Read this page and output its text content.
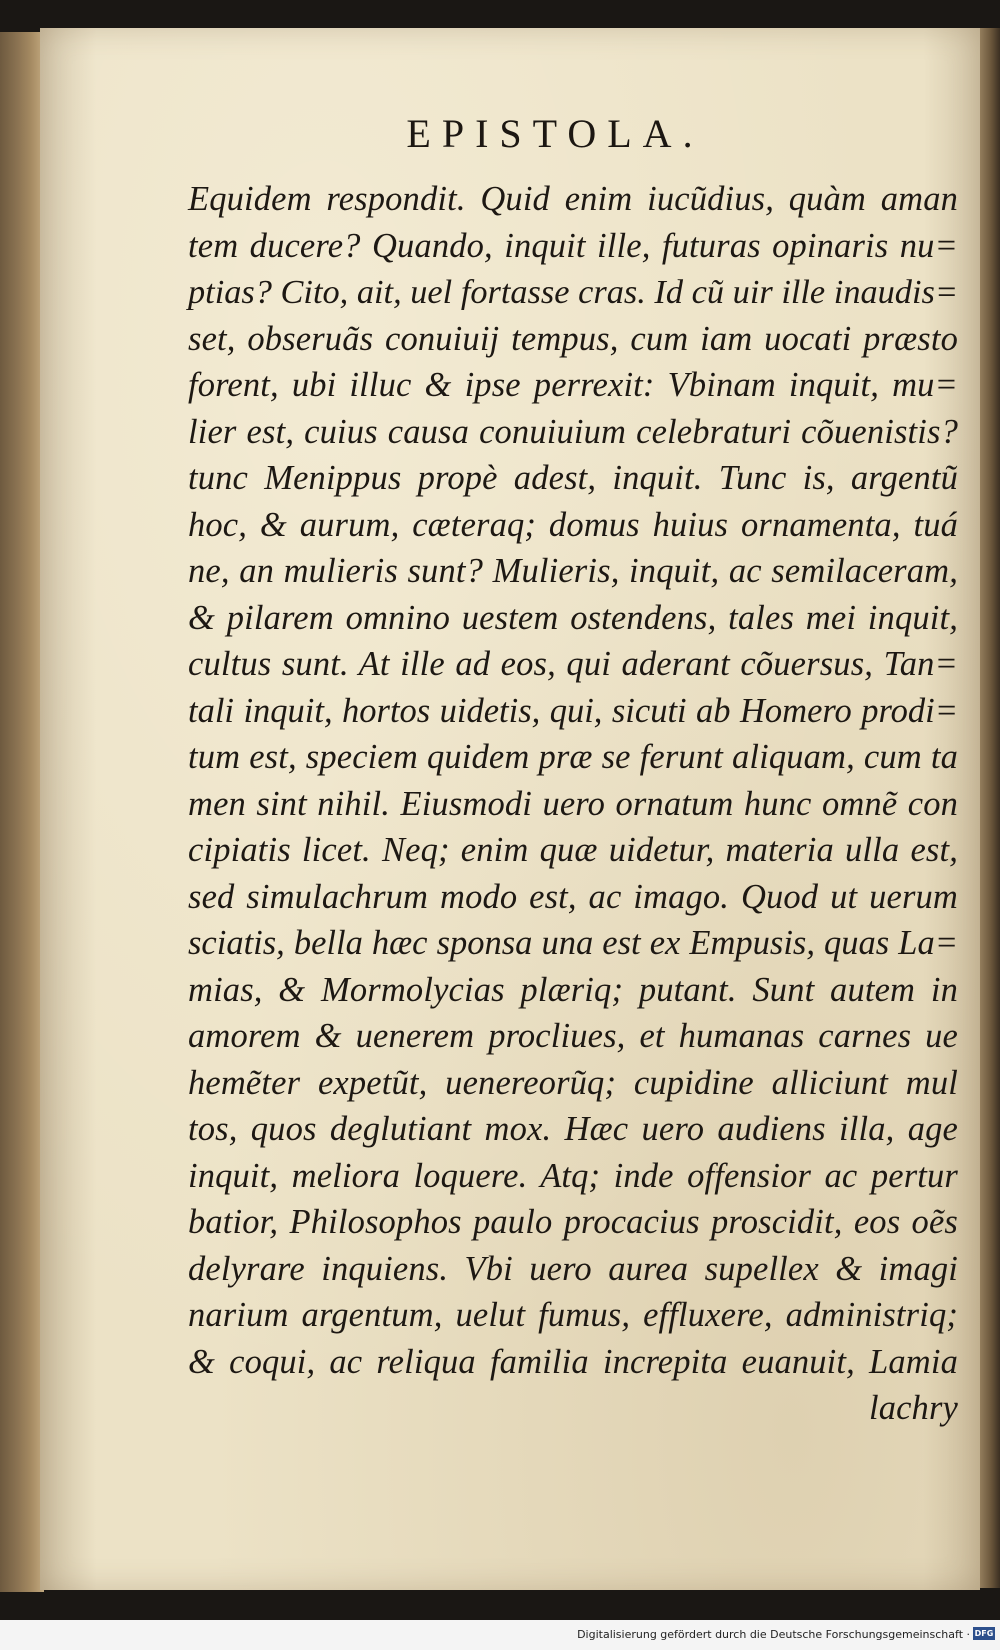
EPISTOLA.
Equidem respondit. Quid enim iucũdius, quàm aman
tem ducere? Quando, inquit ille, futuras opinaris nu=
ptias? Cito, ait, uel fortasse cras. Id cũ uir ille inaudis=
set, obseruãs conuiuij tempus, cum iam uocati præsto
forent, ubi illuc & ipse perrexit: Vbinam inquit, mu=
lier est, cuius causa conuiuium celebraturi cõuenistis?
tunc Menippus propè adest, inquit. Tunc is, argentũ
hoc, & aurum, cæteraq; domus huius ornamenta, tuá
ne, an mulieris sunt? Mulieris, inquit, ac semilaceram,
& pilarem omnino uestem ostendens, tales mei inquit,
cultus sunt. At ille ad eos, qui aderant cõuersus, Tan=
tali inquit, hortos uidetis, qui, sicuti ab Homero prodi=
tum est, speciem quidem præ se ferunt aliquam, cum ta
men sint nihil. Eiusmodi uero ornatum hunc omnẽ con
cipiatis licet. Neq; enim quæ uidetur, materia ulla est,
sed simulachrum modo est, ac imago. Quod ut uerum
sciatis, bella hæc sponsa una est ex Empusis, quas La=
mias, & Mormolycias plæriq; putant. Sunt autem in
amorem & uenerem procliues, et humanas carnes ue
hemẽter expetũt, uenereorũq; cupidine alliciunt mul
tos, quos deglutiant mox. Hæc uero audiens illa, age
inquit, meliora loquere. Atq; inde offensior ac pertur
batior, Philosophos paulo procacius proscidit, eos oẽs
delyrare inquiens. Vbi uero aurea supellex & imagi
narium argentum, uelut fumus, effluxere, administriq;
& coqui, ac reliqua familia increpita euanuit, Lamia
lachry
Digitalisierung gefördert durch die Deutsche Forschungsgemeinschaft · DFG
